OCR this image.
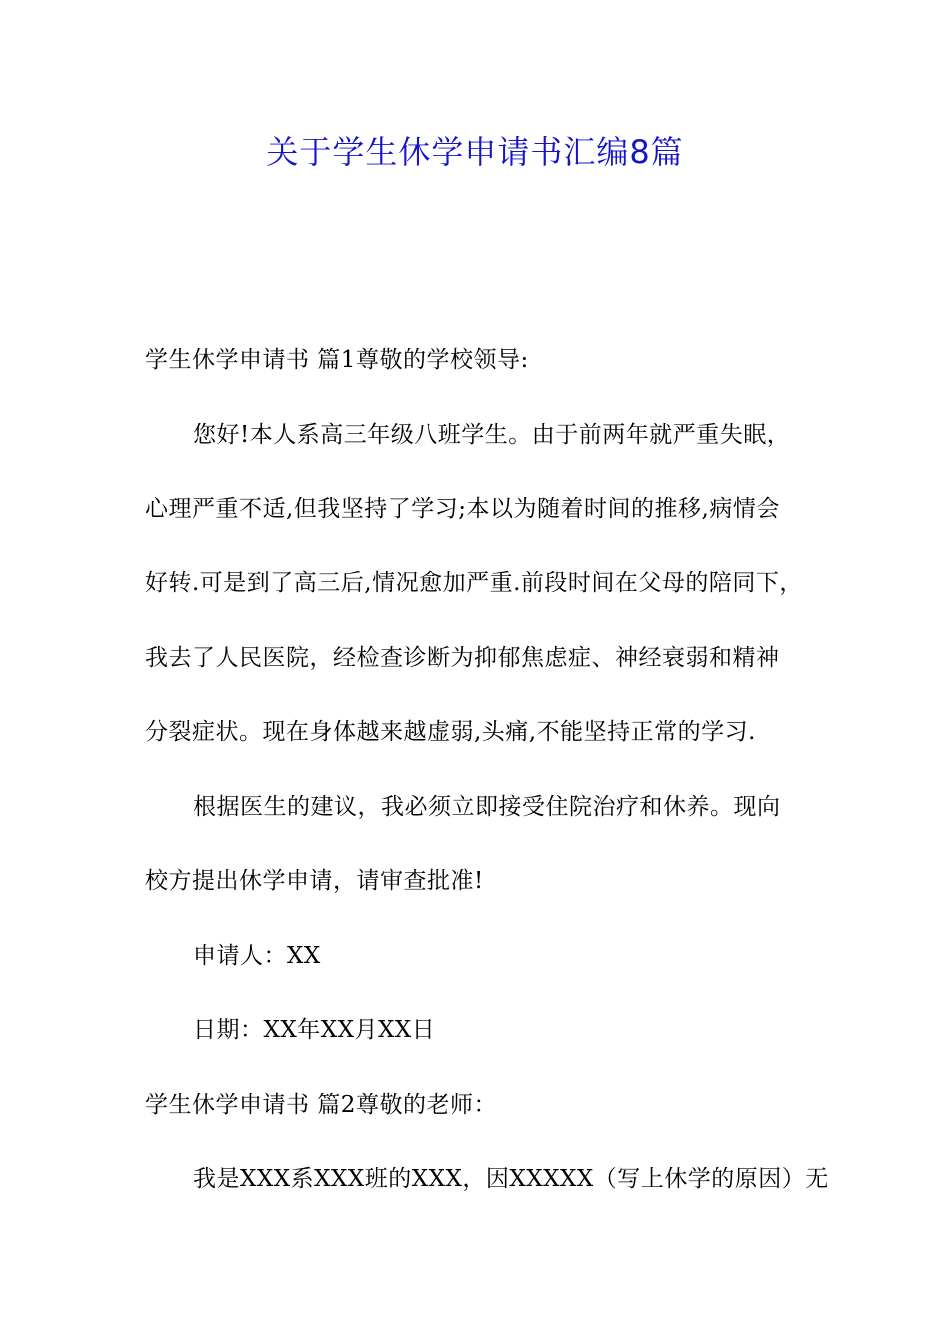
关于学生休学申请书汇编8篇
学生休学申请书 篇1尊敬的学校领导:
您好!本人系高三年级八班学生。由于前两年就严重失眠，
心理严重不适,但我坚持了学习;本以为随着时间的推移,病情会
好转.可是到了高三后,情况愈加严重.前段时间在父母的陪同下，
我去了人民医院，经检查诊断为抑郁焦虑症、神经衰弱和精神
分裂症状。现在身体越来越虚弱,头痛,不能坚持正常的学习.
根据医生的建议，我必须立即接受住院治疗和休养。现向
校方提出休学申请，请审查批准!
申请人：XX
日期：XX年XX月XX日
学生休学申请书 篇2尊敬的老师：
我是XXX系XXX班的XXX，因XXXXX（写上休学的原因）无
